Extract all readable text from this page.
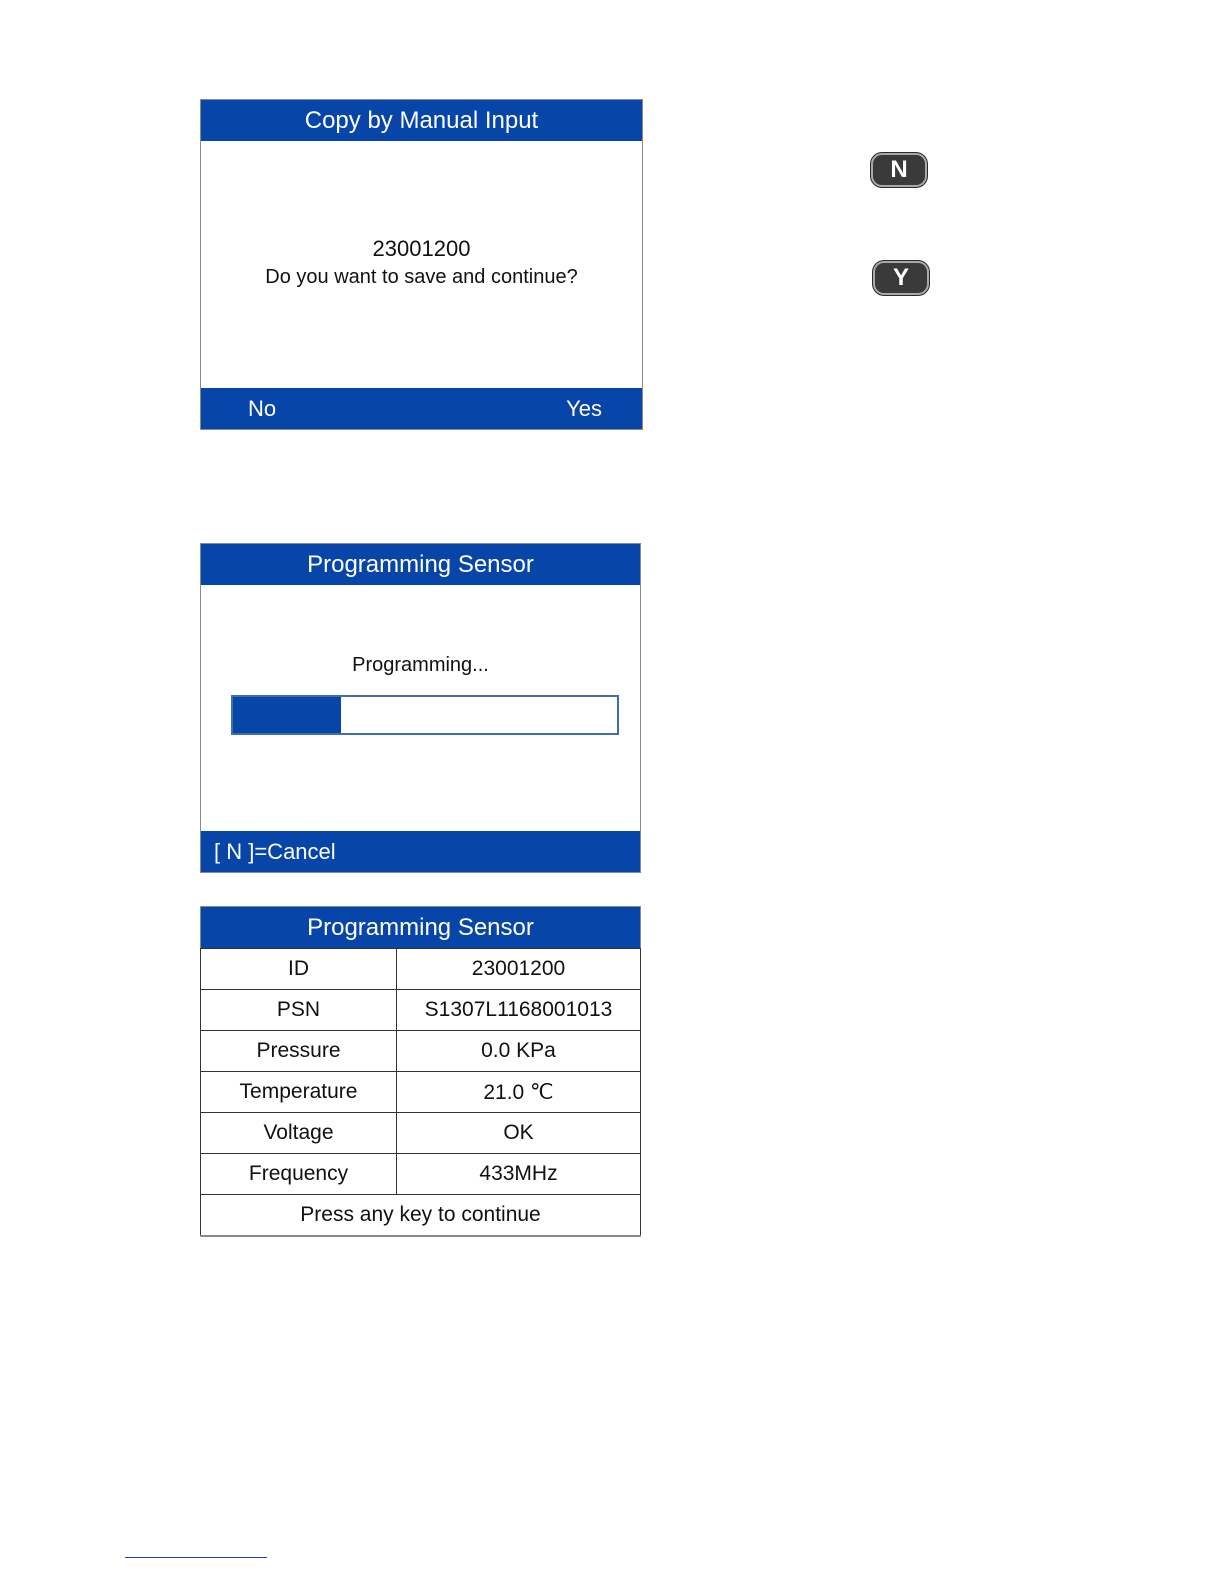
Copy by Manual Input
23001200
Do you want to save and continue?
No	Yes
N
Y
Programming Sensor
Programming...
[ N ]=Cancel
Programming Sensor
ID	23001200
PSN	S1307L1168001013
Pressure	0.0 KPa
Temperature	21.0 ℃
Voltage	OK
Frequency	433MHz
Press any key to continue	
